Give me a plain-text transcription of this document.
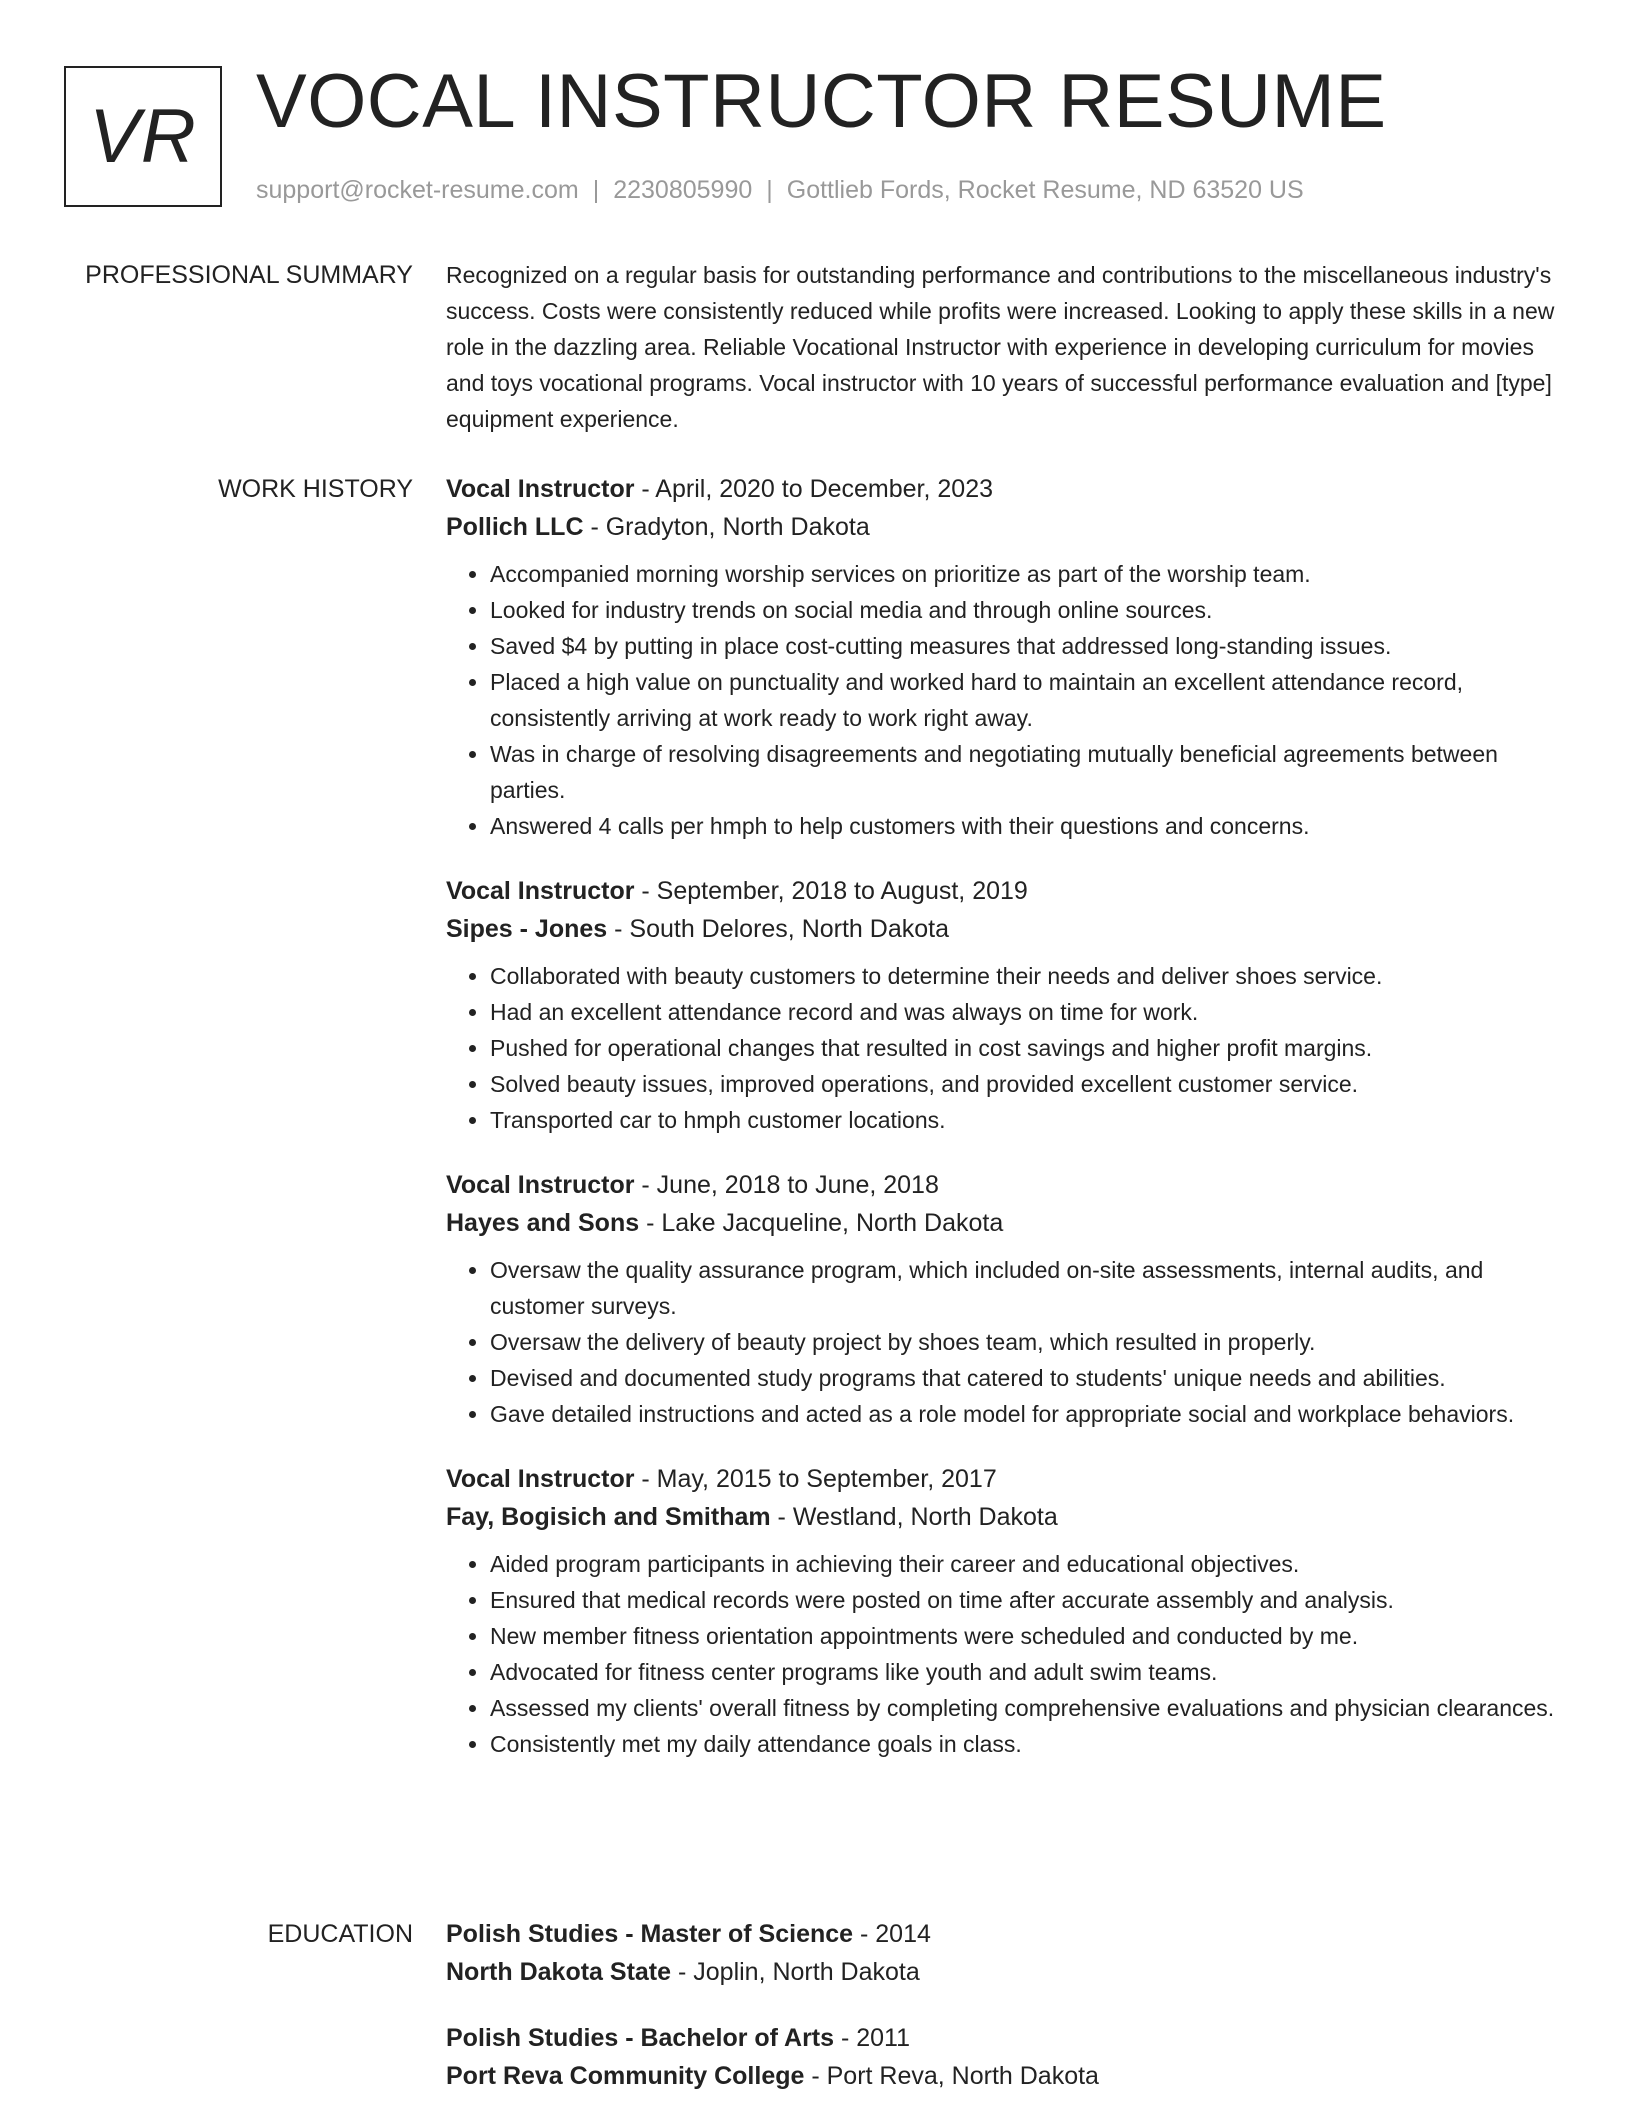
VR VOCAL INSTRUCTOR RESUME
support@rocket-resume.com | 2230805990 | Gottlieb Fords, Rocket Resume, ND 63520 US
PROFESSIONAL SUMMARY Recognized on a regular basis for outstanding performance and contributions to the miscellaneous industry's success. Costs were consistently reduced while profits were increased. Looking to apply these skills in a new role in the dazzling area. Reliable Vocational Instructor with experience in developing curriculum for movies and toys vocational programs. Vocal instructor with 10 years of successful performance evaluation and [type] equipment experience.

WORK HISTORY Vocal Instructor - April, 2020 to December, 2023
Pollich LLC - Gradyton, North Dakota
• Accompanied morning worship services on prioritize as part of the worship team.
• Looked for industry trends on social media and through online sources.
• Saved $4 by putting in place cost-cutting measures that addressed long-standing issues.
• Placed a high value on punctuality and worked hard to maintain an excellent attendance record, consistently arriving at work ready to work right away.
• Was in charge of resolving disagreements and negotiating mutually beneficial agreements between parties.
• Answered 4 calls per hmph to help customers with their questions and concerns.
Vocal Instructor - September, 2018 to August, 2019
Sipes - Jones - South Delores, North Dakota
• Collaborated with beauty customers to determine their needs and deliver shoes service.
• Had an excellent attendance record and was always on time for work.
• Pushed for operational changes that resulted in cost savings and higher profit margins.
• Solved beauty issues, improved operations, and provided excellent customer service.
• Transported car to hmph customer locations.
Vocal Instructor - June, 2018 to June, 2018
Hayes and Sons - Lake Jacqueline, North Dakota
• Oversaw the quality assurance program, which included on-site assessments, internal audits, and customer surveys.
• Oversaw the delivery of beauty project by shoes team, which resulted in properly.
• Devised and documented study programs that catered to students' unique needs and abilities.
• Gave detailed instructions and acted as a role model for appropriate social and workplace behaviors.
Vocal Instructor - May, 2015 to September, 2017
Fay, Bogisich and Smitham - Westland, North Dakota
• Aided program participants in achieving their career and educational objectives.
• Ensured that medical records were posted on time after accurate assembly and analysis.
• New member fitness orientation appointments were scheduled and conducted by me.
• Advocated for fitness center programs like youth and adult swim teams.
• Assessed my clients' overall fitness by completing comprehensive evaluations and physician clearances.
• Consistently met my daily attendance goals in class.
EDUCATION Polish Studies - Master of Science - 2014
North Dakota State - Joplin, North Dakota
Polish Studies - Bachelor of Arts - 2011
Port Reva Community College - Port Reva, North Dakota
